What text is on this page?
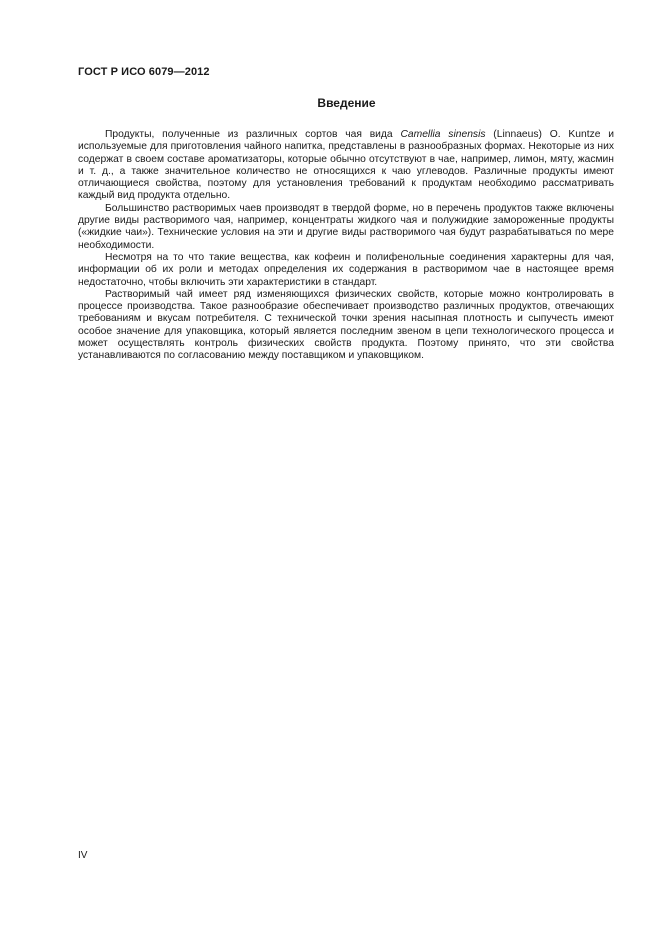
ГОСТ Р ИСО 6079—2012
Введение

Продукты, полученные из различных сортов чая вида Camellia sinensis (Linnaeus) O. Kuntze и используемые для приготовления чайного напитка, представлены в разнообразных формах. Некоторые из них содержат в своем составе ароматизаторы, которые обычно отсутствуют в чае, например, лимон, мяту, жасмин и т. д., а также значительное количество не относящихся к чаю углеводов. Различные продукты имеют отличающиеся свойства, поэтому для установления требований к продуктам необходимо рассматривать каждый вид продукта отдельно.

Большинство растворимых чаев производят в твердой форме, но в перечень продуктов также включены другие виды растворимого чая, например, концентраты жидкого чая и полужидкие замороженные продукты («жидкие чаи»). Технические условия на эти и другие виды растворимого чая будут разрабатываться по мере необходимости.

Несмотря на то что такие вещества, как кофеин и полифенольные соединения характерны для чая, информации об их роли и методах определения их содержания в растворимом чае в настоящее время недостаточно, чтобы включить эти характеристики в стандарт.

Растворимый чай имеет ряд изменяющихся физических свойств, которые можно контролировать в процессе производства. Такое разнообразие обеспечивает производство различных продуктов, отвечающих требованиям и вкусам потребителя. С технической точки зрения насыпная плотность и сыпучесть имеют особое значение для упаковщика, который является последним звеном в цепи технологического процесса и может осуществлять контроль физических свойств продукта. Поэтому принято, что эти свойства устанавливаются по согласованию между поставщиком и упаковщиком.

IV
